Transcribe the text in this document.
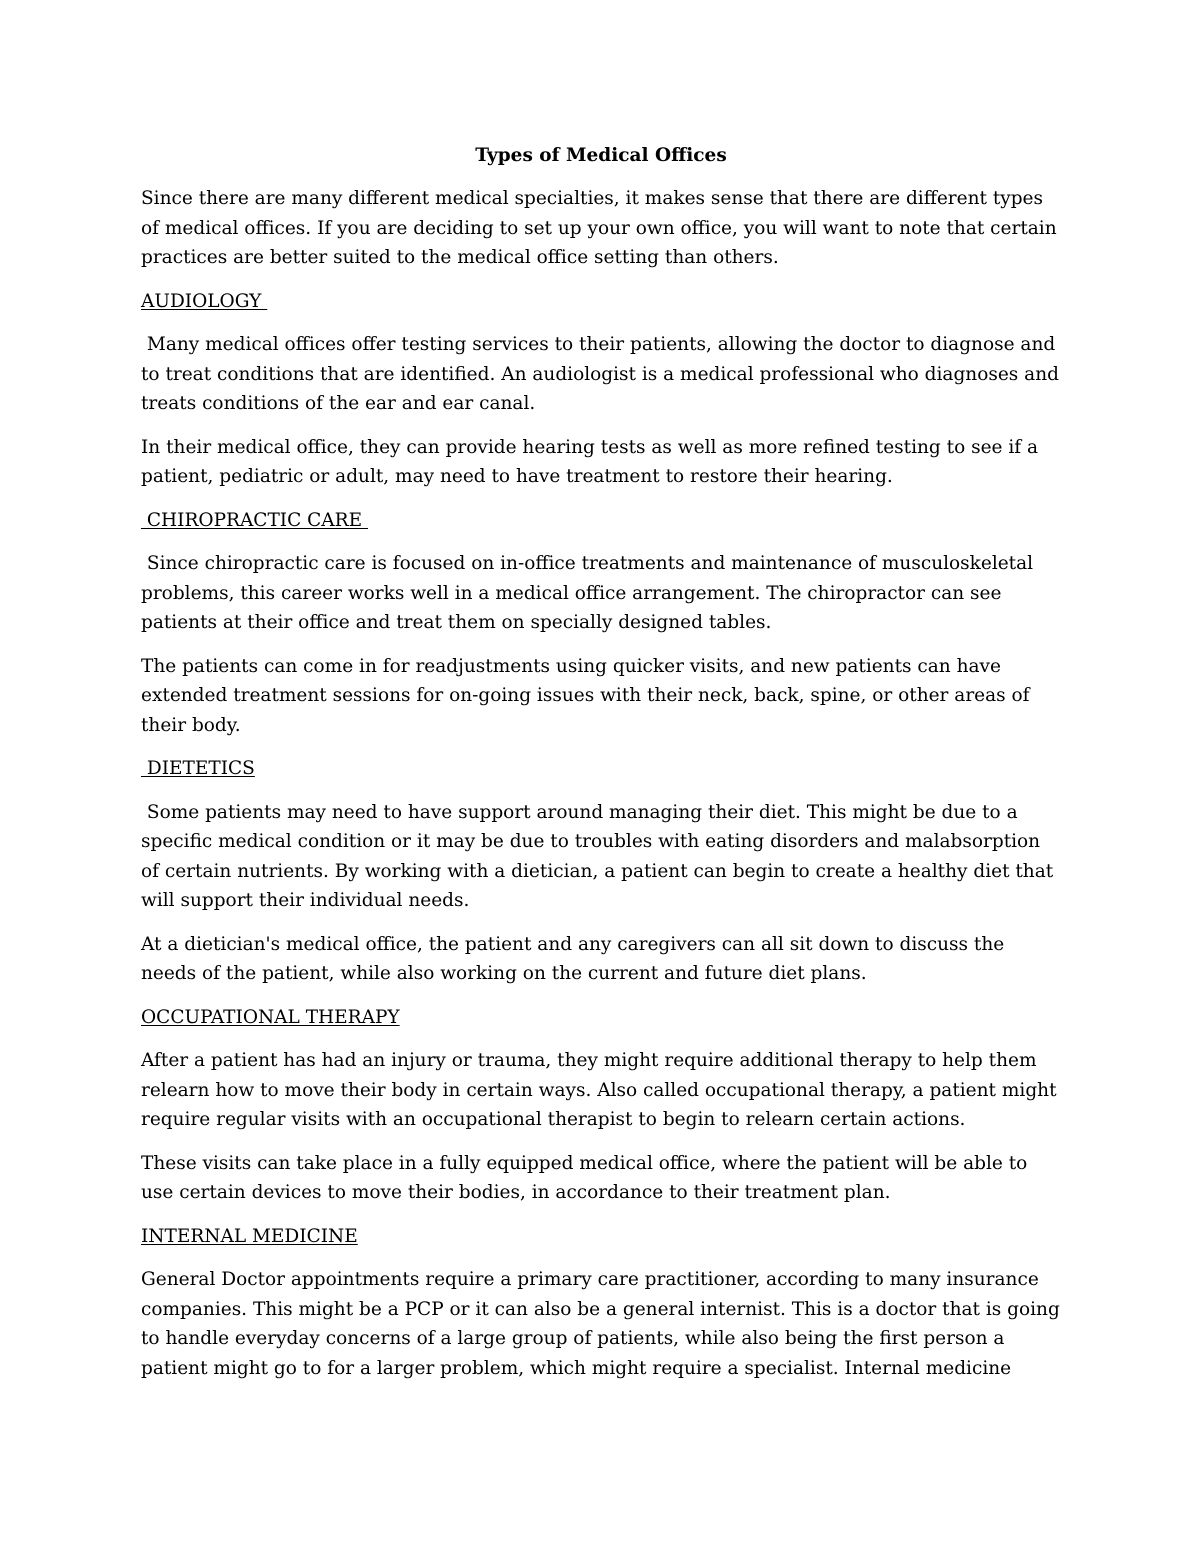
Types of Medical Offices

Since there are many different medical specialties, it makes sense that there are different types of medical offices. If you are deciding to set up your own office, you will want to note that certain practices are better suited to the medical office setting than others.

AUDIOLOGY

Many medical offices offer testing services to their patients, allowing the doctor to diagnose and to treat conditions that are identified. An audiologist is a medical professional who diagnoses and treats conditions of the ear and ear canal.

In their medical office, they can provide hearing tests as well as more refined testing to see if a patient, pediatric or adult, may need to have treatment to restore their hearing.

CHIROPRACTIC CARE

Since chiropractic care is focused on in-office treatments and maintenance of musculoskeletal problems, this career works well in a medical office arrangement. The chiropractor can see patients at their office and treat them on specially designed tables.

The patients can come in for readjustments using quicker visits, and new patients can have extended treatment sessions for on-going issues with their neck, back, spine, or other areas of their body.

DIETETICS

Some patients may need to have support around managing their diet. This might be due to a specific medical condition or it may be due to troubles with eating disorders and malabsorption of certain nutrients. By working with a dietician, a patient can begin to create a healthy diet that will support their individual needs.

At a dietician's medical office, the patient and any caregivers can all sit down to discuss the needs of the patient, while also working on the current and future diet plans.

OCCUPATIONAL THERAPY

After a patient has had an injury or trauma, they might require additional therapy to help them relearn how to move their body in certain ways. Also called occupational therapy, a patient might require regular visits with an occupational therapist to begin to relearn certain actions.

These visits can take place in a fully equipped medical office, where the patient will be able to use certain devices to move their bodies, in accordance to their treatment plan.

INTERNAL MEDICINE

General Doctor appointments require a primary care practitioner, according to many insurance companies. This might be a PCP or it can also be a general internist. This is a doctor that is going to handle everyday concerns of a large group of patients, while also being the first person a patient might go to for a larger problem, which might require a specialist. Internal medicine
